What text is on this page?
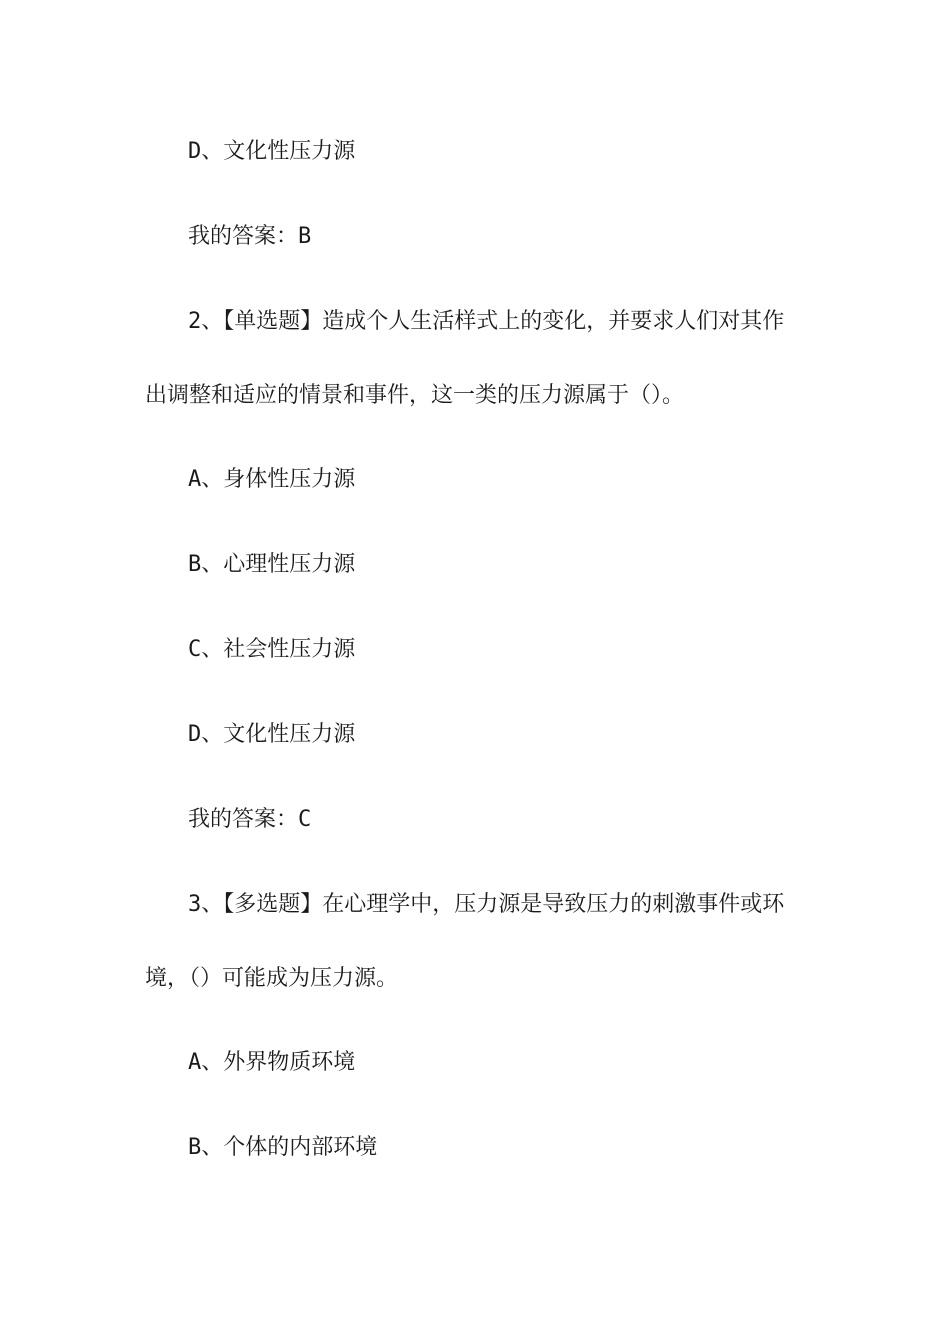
D、文化性压力源
我的答案：B
2、【单选题】造成个人生活样式上的变化，并要求人们对其作
出调整和适应的情景和事件，这一类的压力源属于（）。
A、身体性压力源
B、心理性压力源
C、社会性压力源
D、文化性压力源
我的答案：C
3、【多选题】在心理学中，压力源是导致压力的刺激事件或环
境，（）可能成为压力源。
A、外界物质环境
B、个体的内部环境
